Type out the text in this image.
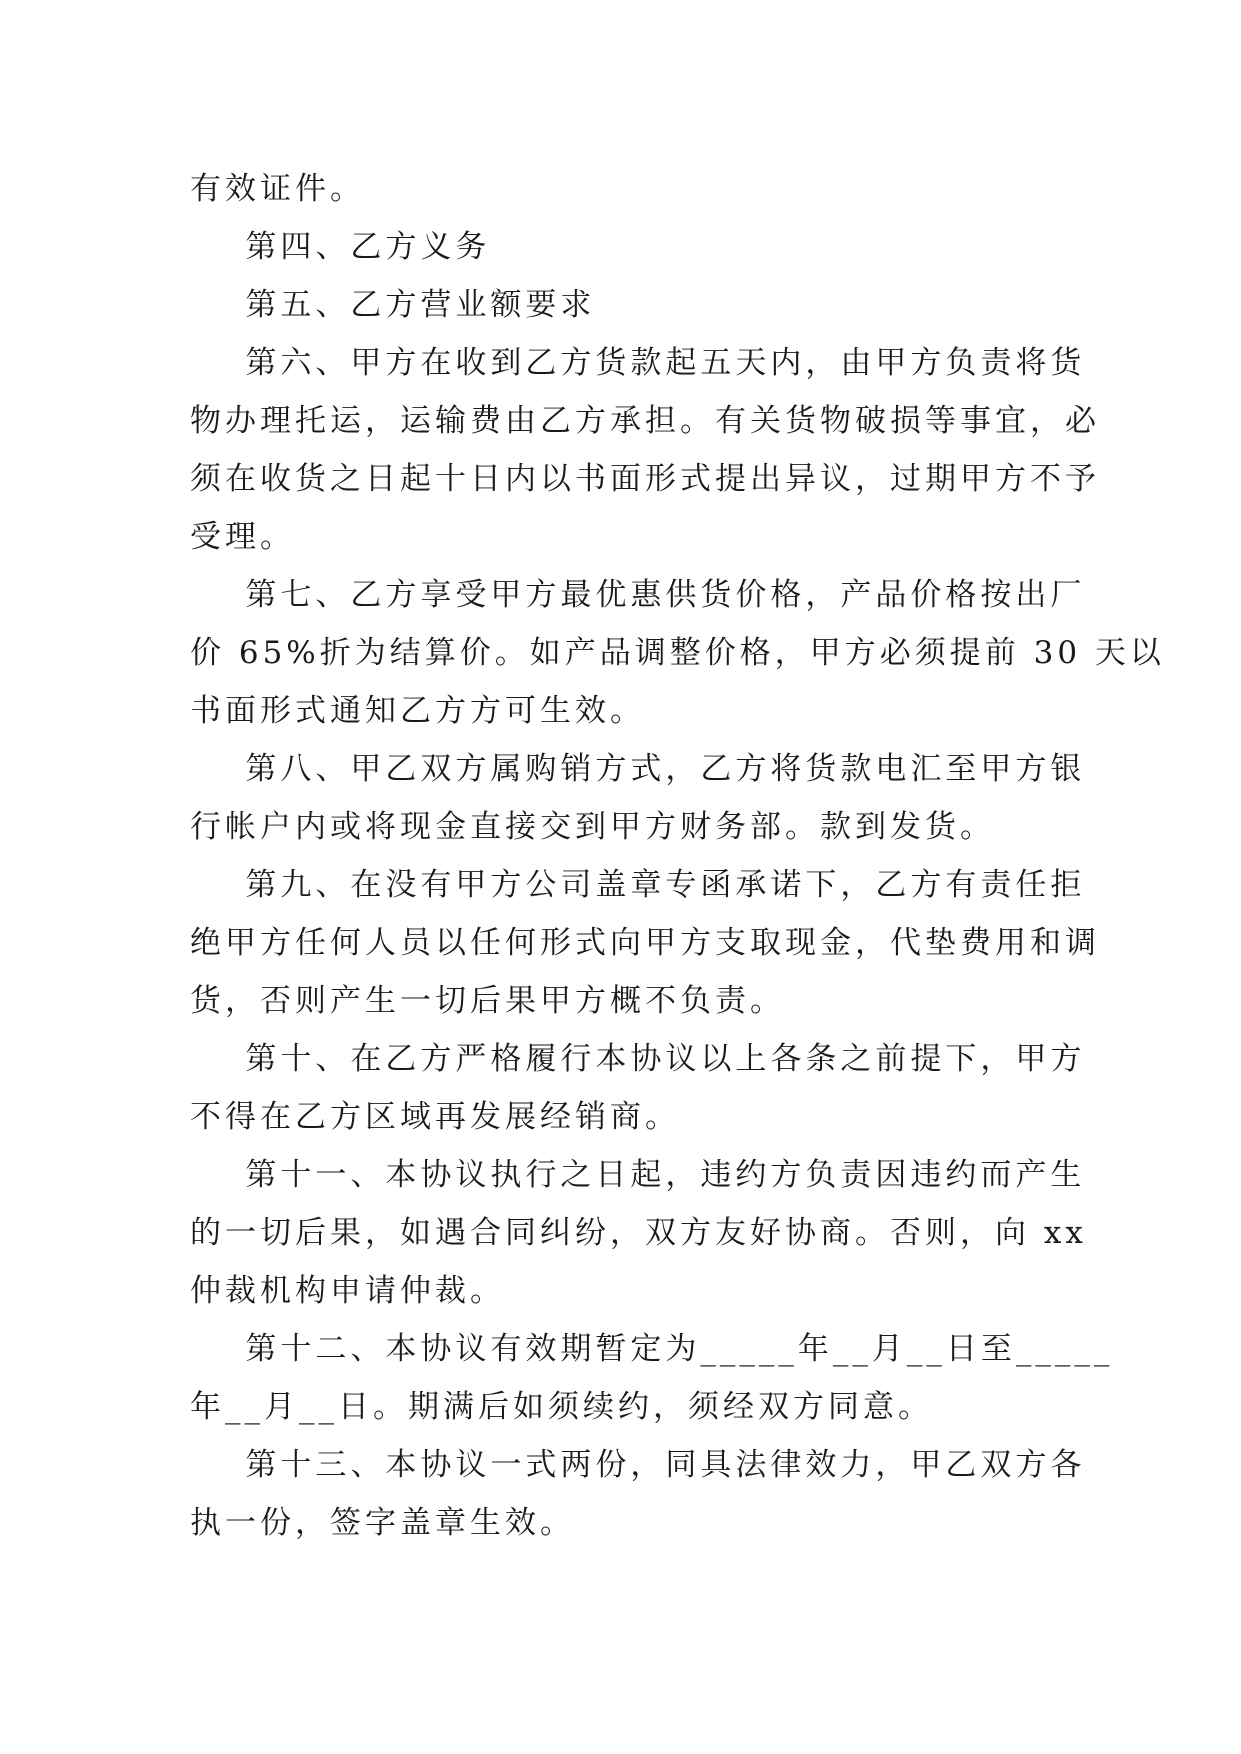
有效证件。
第四、乙方义务
第五、乙方营业额要求
第六、甲方在收到乙方货款起五天内，由甲方负责将货
物办理托运，运输费由乙方承担。有关货物破损等事宜，必
须在收货之日起十日内以书面形式提出异议，过期甲方不予
受理。
第七、乙方享受甲方最优惠供货价格，产品价格按出厂
价 65%折为结算价。如产品调整价格，甲方必须提前 30 天以
书面形式通知乙方方可生效。
第八、甲乙双方属购销方式，乙方将货款电汇至甲方银
行帐户内或将现金直接交到甲方财务部。款到发货。
第九、在没有甲方公司盖章专函承诺下，乙方有责任拒
绝甲方任何人员以任何形式向甲方支取现金，代垫费用和调
货，否则产生一切后果甲方概不负责。
第十、在乙方严格履行本协议以上各条之前提下，甲方
不得在乙方区域再发展经销商。
第十一、本协议执行之日起，违约方负责因违约而产生
的一切后果，如遇合同纠纷，双方友好协商。否则，向 xx
仲裁机构申请仲裁。
第十二、本协议有效期暂定为_____年__月__日至_____
年__月__日。期满后如须续约，须经双方同意。
第十三、本协议一式两份，同具法律效力，甲乙双方各
执一份，签字盖章生效。
